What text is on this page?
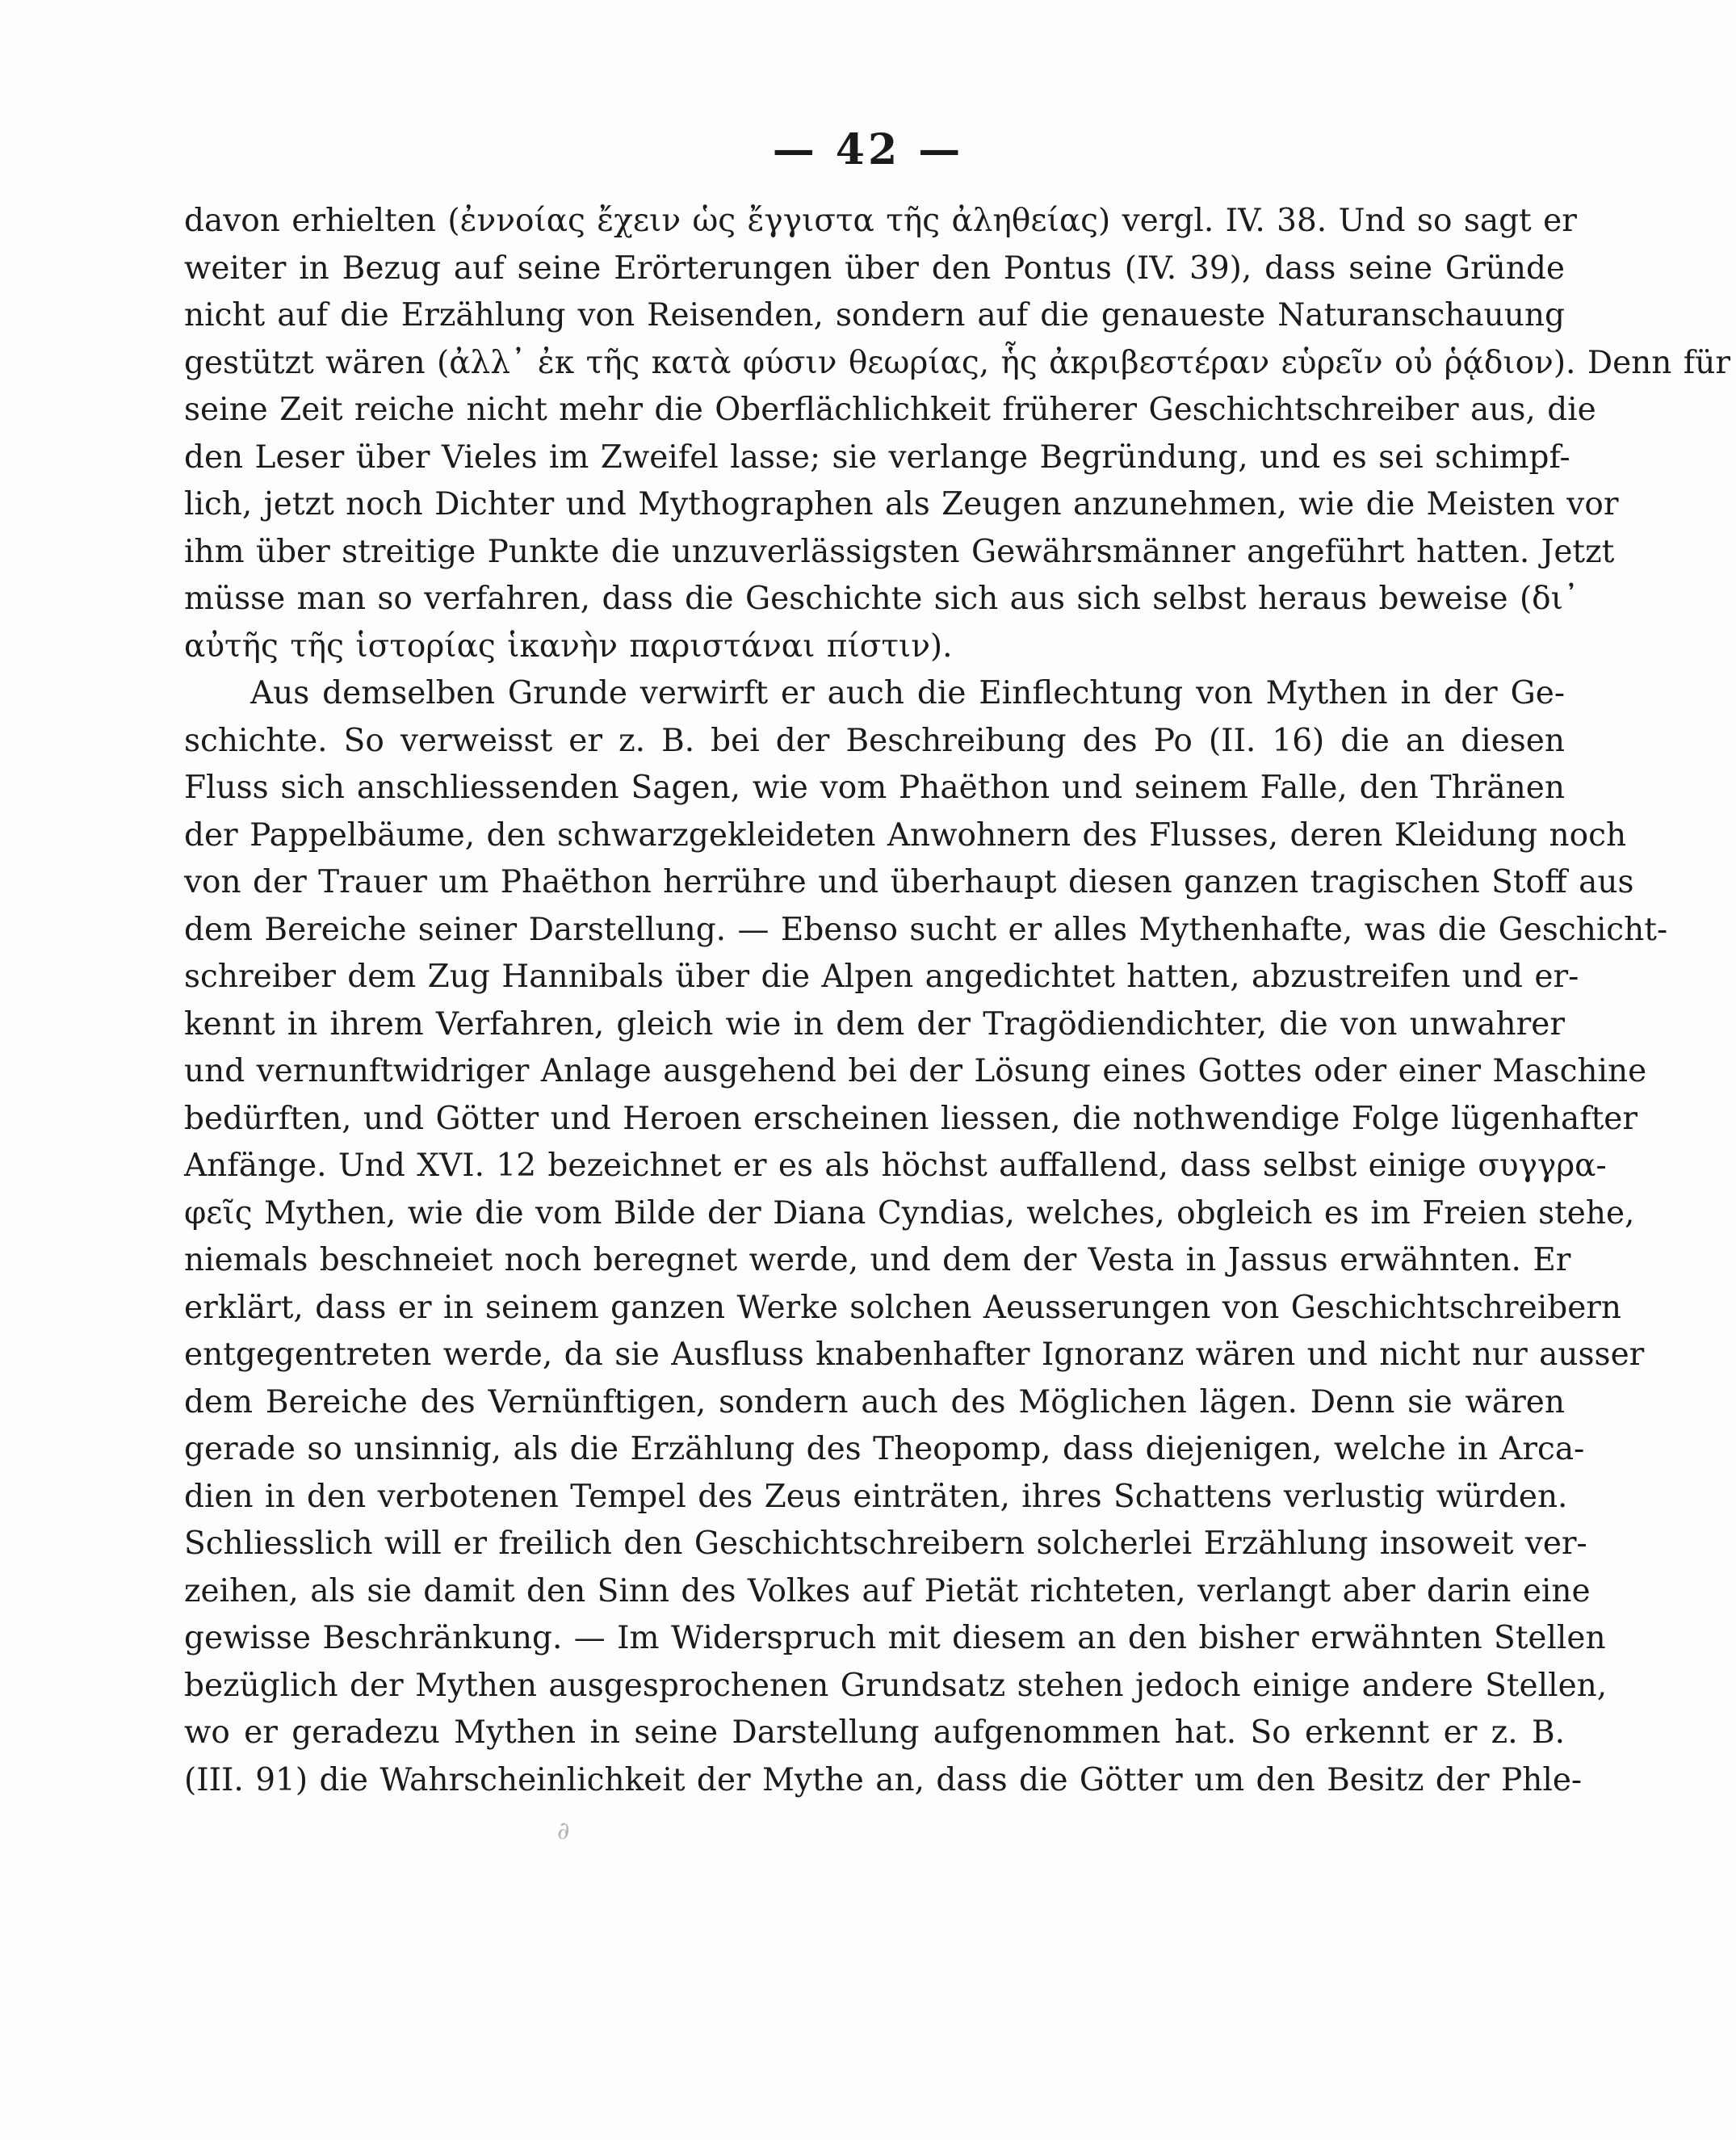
— 42 —
davon erhielten (ἐννοίας ἔχειν ὡς ἔγγιστα τῆς ἀληθείας) vergl. IV. 38. Und so sagt er
weiter in Bezug auf seine Erörterungen über den Pontus (IV. 39), dass seine Gründe
nicht auf die Erzählung von Reisenden, sondern auf die genaueste Naturanschauung
gestützt wären (ἀλλ᾽ ἐκ τῆς κατὰ φύσιν θεωρίας, ἧς ἀκριβεστέραν εὑρεῖν οὐ ῥᾴδιον). Denn für
seine Zeit reiche nicht mehr die Oberflächlichkeit früherer Geschichtschreiber aus, die
den Leser über Vieles im Zweifel lasse; sie verlange Begründung, und es sei schimpf-
lich, jetzt noch Dichter und Mythographen als Zeugen anzunehmen, wie die Meisten vor
ihm über streitige Punkte die unzuverlässigsten Gewährsmänner angeführt hatten. Jetzt
müsse man so verfahren, dass die Geschichte sich aus sich selbst heraus beweise (δι᾽
αὐτῆς τῆς ἱστορίας ἱκανὴν παριστάναι πίστιν).
Aus demselben Grunde verwirft er auch die Einflechtung von Mythen in der Ge-
schichte. So verweisst er z. B. bei der Beschreibung des Po (II. 16) die an diesen
Fluss sich anschliessenden Sagen, wie vom Phaëthon und seinem Falle, den Thränen
der Pappelbäume, den schwarzgekleideten Anwohnern des Flusses, deren Kleidung noch
von der Trauer um Phaëthon herrühre und überhaupt diesen ganzen tragischen Stoff aus
dem Bereiche seiner Darstellung. — Ebenso sucht er alles Mythenhafte, was die Geschicht-
schreiber dem Zug Hannibals über die Alpen angedichtet hatten, abzustreifen und er-
kennt in ihrem Verfahren, gleich wie in dem der Tragödiendichter, die von unwahrer
und vernunftwidriger Anlage ausgehend bei der Lösung eines Gottes oder einer Maschine
bedürften, und Götter und Heroen erscheinen liessen, die nothwendige Folge lügenhafter
Anfänge. Und XVI. 12 bezeichnet er es als höchst auffallend, dass selbst einige συγγρα-
φεῖς Mythen, wie die vom Bilde der Diana Cyndias, welches, obgleich es im Freien stehe,
niemals beschneiet noch beregnet werde, und dem der Vesta in Jassus erwähnten. Er
erklärt, dass er in seinem ganzen Werke solchen Aeusserungen von Geschichtschreibern
entgegentreten werde, da sie Ausfluss knabenhafter Ignoranz wären und nicht nur ausser
dem Bereiche des Vernünftigen, sondern auch des Möglichen lägen. Denn sie wären
gerade so unsinnig, als die Erzählung des Theopomp, dass diejenigen, welche in Arca-
dien in den verbotenen Tempel des Zeus einträten, ihres Schattens verlustig würden.
Schliesslich will er freilich den Geschichtschreibern solcherlei Erzählung insoweit ver-
zeihen, als sie damit den Sinn des Volkes auf Pietät richteten, verlangt aber darin eine
gewisse Beschränkung. — Im Widerspruch mit diesem an den bisher erwähnten Stellen
bezüglich der Mythen ausgesprochenen Grundsatz stehen jedoch einige andere Stellen,
wo er geradezu Mythen in seine Darstellung aufgenommen hat. So erkennt er z. B.
(III. 91) die Wahrscheinlichkeit der Mythe an, dass die Götter um den Besitz der Phle-
∂
